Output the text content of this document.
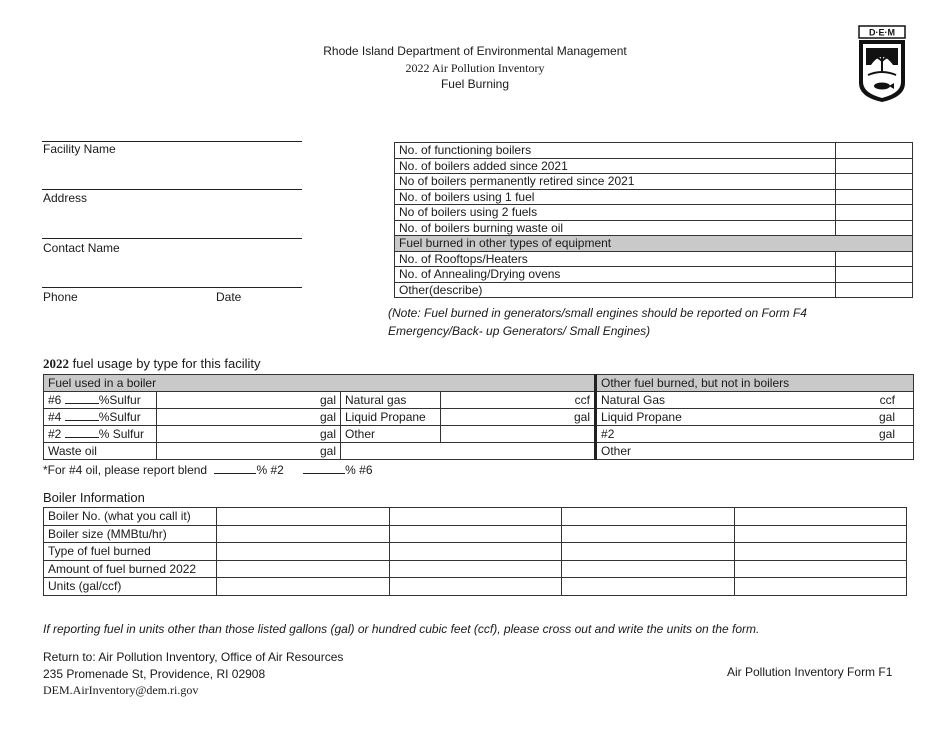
Rhode Island Department of Environmental Management
2022 Air Pollution Inventory
Fuel Burning
D·E·M
Facility Name
Address
Contact Name
Phone	Date
No. of functioning boilers	
No. of boilers added since 2021	
No of boilers permanently retired since 2021	
No. of boilers using 1 fuel	
No of boilers using 2 fuels	
No. of boilers burning waste oil	
Fuel burned in other types of equipment	
No. of Rooftops/Heaters	
No. of Annealing/Drying ovens	
Other(describe)	
(Note: Fuel burned in generators/small engines should be reported on Form F4
Emergency/Back- up Generators/ Small Engines)
2022 fuel usage by type for this facility
Fuel used in a boiler				Other fuel burned, but not in boilers
#6 %Sulfur	gal	Natural gas	ccf	Natural Gas ccf

#4 %Sulfur	gal	Liquid Propane	gal	Liquid Propane gal

#2 % Sulfur	gal	Other		#2 gal

Waste oil	gal			Other
*For #4 oil, please report blend	% #2	% #6
Boiler Information
Boiler No. (what you call it)				
Boiler size (MMBtu/hr)				
Type of fuel burned				
Amount of fuel burned 2022				
Units (gal/ccf)				
If reporting fuel in units other than those listed gallons (gal) or hundred cubic feet (ccf), please cross out and write the units on the form.
Return to: Air Pollution Inventory, Office of Air Resources
235 Promenade St, Providence, RI 02908
DEM.AirInventory@dem.ri.gov
Air Pollution Inventory Form F1
